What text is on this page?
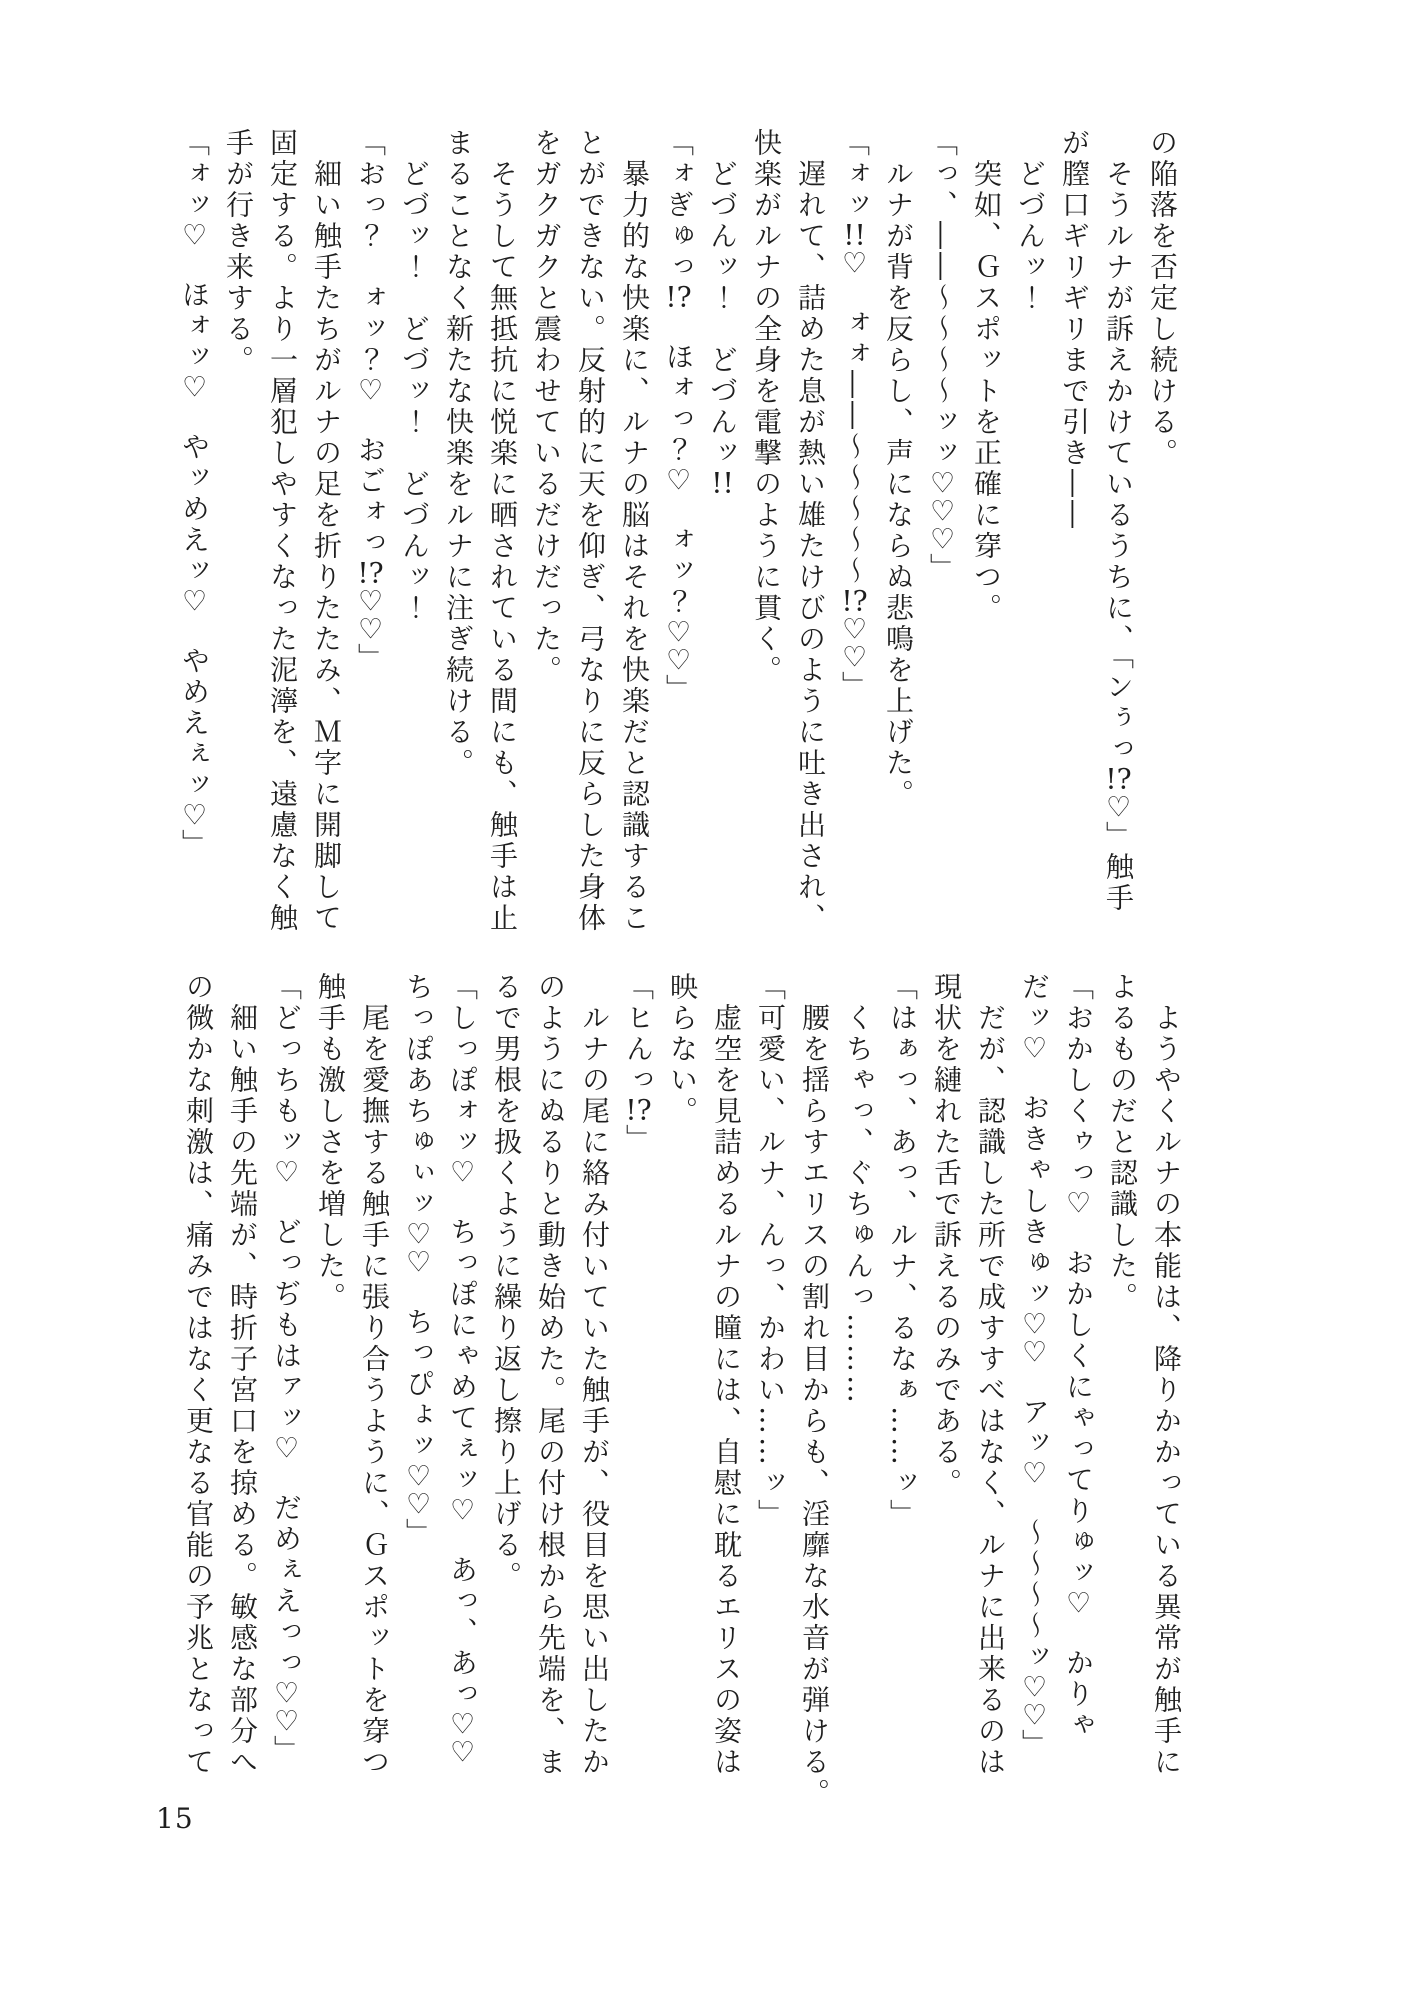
の陥落を否定し続ける。
　そうルナが訴えかけているうちに、「ンぅっ!?♡」触手
が膣口ギリギリまで引き――
　どづんッ！
　突如、Ｇスポットを正確に穿つ。
「っ、――～～～～ッッ♡♡♡」
　ルナが背を反らし、声にならぬ悲鳴を上げた。
「ォッ!!♡　ォォ――～～～～～!?♡♡」
　遅れて、詰めた息が熱い雄たけびのように吐き出され、
快楽がルナの全身を電撃のように貫く。
　どづんッ！　どづんッ!!
「ォぎゅっ!?　ほォっ？♡　ォッ？♡♡」
　暴力的な快楽に、ルナの脳はそれを快楽だと認識するこ
とができない。反射的に天を仰ぎ、弓なりに反らした身体
をガクガクと震わせているだけだった。
　そうして無抵抗に悦楽に晒されている間にも、触手は止
まることなく新たな快楽をルナに注ぎ続ける。
　どづッ！　どづッ！　どづんッ！
「おっ？　ォッ？♡　おごォっ!?♡♡」
　細い触手たちがルナの足を折りたたみ、Ｍ字に開脚して
固定する。より一層犯しやすくなった泥濘を、遠慮なく触
手が行き来する。
「ォッ♡　ほォッ♡　やッめえッ♡　やめえぇッ♡」
　ようやくルナの本能は、降りかかっている異常が触手に
よるものだと認識した。
「おかしくゥっ♡　おかしくにゃってりゅッ♡　かりゃ
だッ♡　おきゃしきゅッ♡♡　アッ♡　～～～～ッ♡♡」
　だが、認識した所で成すすべはなく、ルナに出来るのは
現状を縺れた舌で訴えるのみである。
「はぁっ、あっ、ルナ、るなぁ……ッ」
　くちゃっ、ぐちゅんっ………
　腰を揺らすエリスの割れ目からも、淫靡な水音が弾ける。
「可愛い、ルナ、んっ、かわい……ッ」
　虚空を見詰めるルナの瞳には、自慰に耽るエリスの姿は
映らない。
「ヒんっ!?」
　ルナの尾に絡み付いていた触手が、役目を思い出したか
のようにぬるりと動き始めた。尾の付け根から先端を、ま
るで男根を扱くように繰り返し擦り上げる。
「しっぽォッ♡　ちっぽにゃめてぇッ♡　あっ、あっ♡♡
ちっぽあちゅぃッ♡♡　ちっぴょッ♡♡」
　尾を愛撫する触手に張り合うように、Ｇスポットを穿つ
触手も激しさを増した。
「どっちもッ♡　どっぢもはァッ♡　だめぇえっっ♡♡」
　細い触手の先端が、時折子宮口を掠める。敏感な部分へ
の微かな刺激は、痛みではなく更なる官能の予兆となって
15
